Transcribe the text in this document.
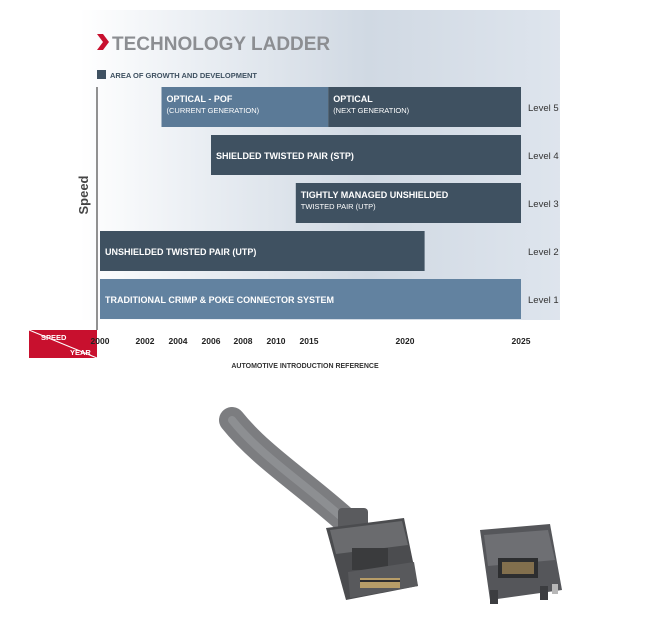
TECHNOLOGY LADDER
AREA OF GROWTH AND DEVELOPMENT
Speed
TRADITIONAL CRIMP & POKE CONNECTOR SYSTEM
UNSHIELDED TWISTED PAIR (UTP)
TIGHTLY MANAGED UNSHIELDED
TWISTED PAIR (UTP)
SHIELDED TWISTED PAIR (STP)
OPTICAL - POF
(CURRENT GENERATION)
OPTICAL
(NEXT GENERATION)
Level 1
Level 2
Level 3
Level 4
Level 5
SPEED
YEAR
2000	2002 2004 2006 2008 2010 2015	2020	2025
AUTOMOTIVE INTRODUCTION REFERENCE
